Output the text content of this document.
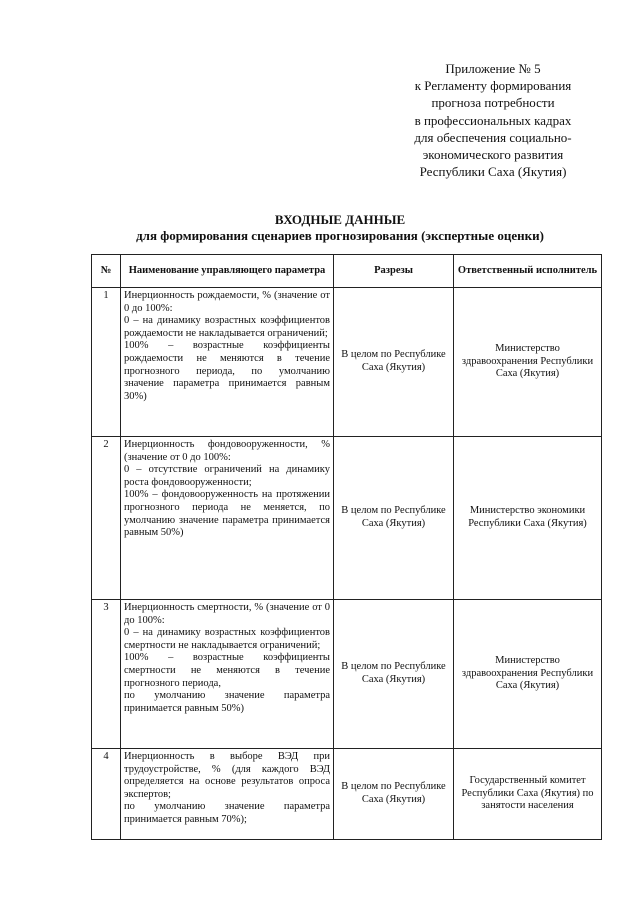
Приложение № 5
к Регламенту формирования
прогноза потребности
в профессиональных кадрах
для обеспечения социально-
экономического развития
Республики Саха (Якутия)
ВХОДНЫЕ ДАННЫЕ
для формирования сценариев прогнозирования (экспертные оценки)
№	Наименование управляющего параметра	Разрезы	Ответственный исполнитель
1	Инерционность рождаемости, % (значение от 0 до 100%:
0 – на динамику возрастных коэффициентов рождаемости не накладывается ограничений;
100% – возрастные коэффициенты рождаемости не меняются в течение прогнозного периода, по умолчанию значение параметра принимается равным 30%)	В целом по Республике Саха (Якутия)	Министерство здравоохранения Республики Саха (Якутия)
2	Инерционность фондовооруженности, % (значение от 0 до 100%:
0 – отсутствие ограничений на динамику роста фондовооруженности;
100% – фондовооруженность на протяжении прогнозного периода не меняется, по умолчанию значение параметра принимается равным 50%)	В целом по Республике Саха (Якутия)	Министерство экономики Республики Саха (Якутия)
3	Инерционность смертности, % (значение от 0 до 100%:
0 – на динамику возрастных коэффициентов смертности не накладывается ограничений;
100% – возрастные коэффициенты смертности не меняются в течение прогнозного периода,
по умолчанию значение параметра принимается равным 50%)	В целом по Республике Саха (Якутия)	Министерство здравоохранения Республики Саха (Якутия)
4	Инерционность в выборе ВЭД при трудоустройстве, % (для каждого ВЭД определяется на основе результатов опроса экспертов;
по умолчанию значение параметра принимается равным 70%);	В целом по Республике Саха (Якутия)	Государственный комитет Республики Саха (Якутия) по занятости населения
